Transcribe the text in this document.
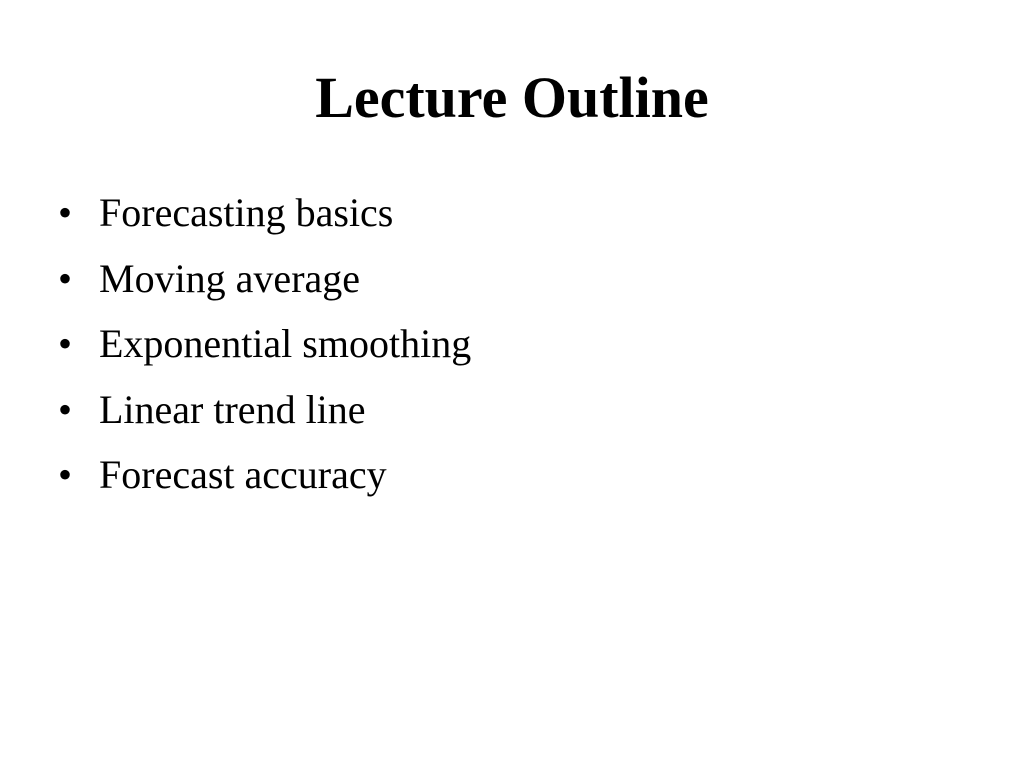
Lecture Outline
• Forecasting basics
• Moving average
• Exponential smoothing
• Linear trend line
• Forecast accuracy
